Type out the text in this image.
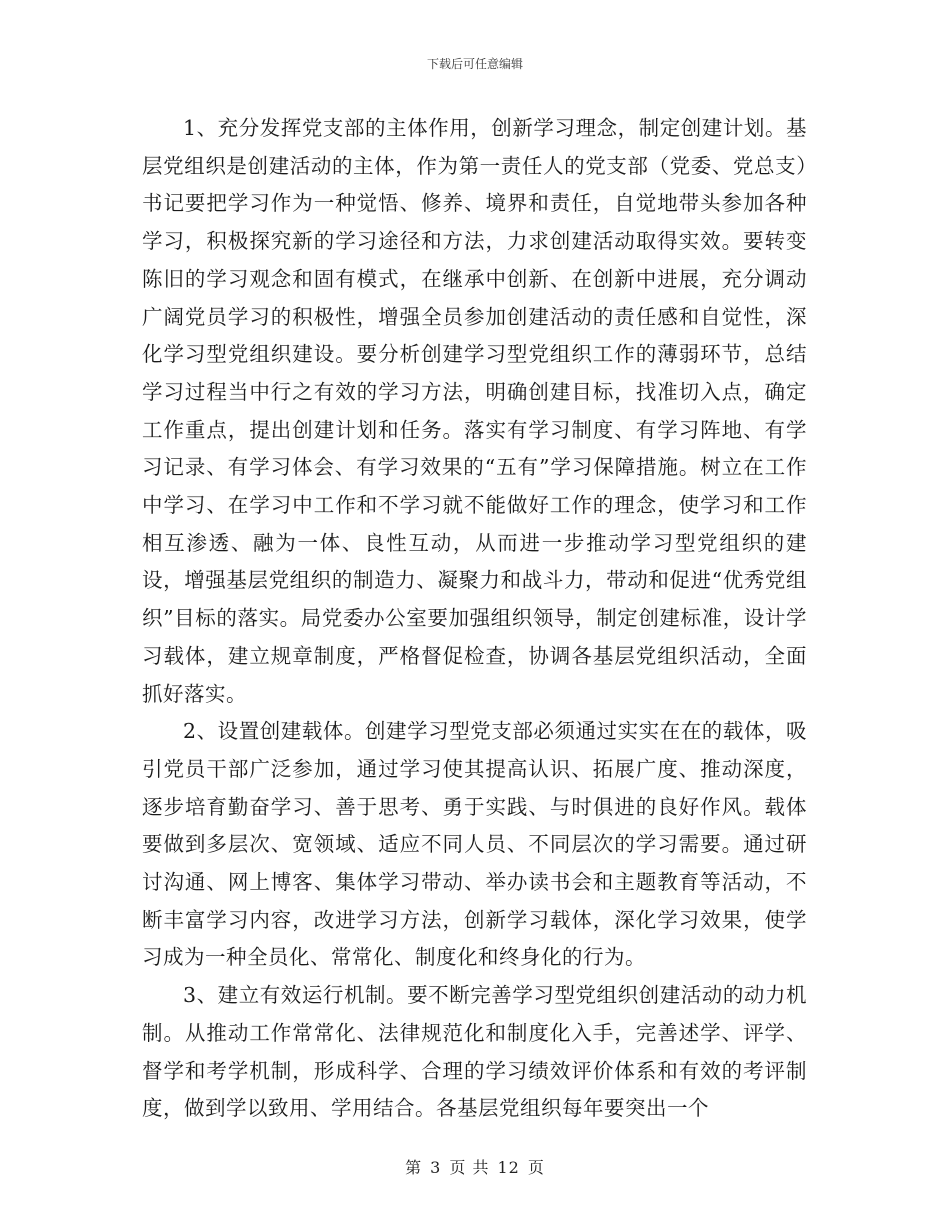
下载后可任意编辑

1、充分发挥党支部的主体作用，创新学习理念，制定创建计划。基层党组织是创建活动的主体，作为第一责任人的党支部（党委、党总支）书记要把学习作为一种觉悟、修养、境界和责任，自觉地带头参加各种学习，积极探究新的学习途径和方法，力求创建活动取得实效。要转变陈旧的学习观念和固有模式，在继承中创新、在创新中进展，充分调动广阔党员学习的积极性，增强全员参加创建活动的责任感和自觉性，深化学习型党组织建设。要分析创建学习型党组织工作的薄弱环节，总结学习过程当中行之有效的学习方法，明确创建目标，找准切入点，确定工作重点，提出创建计划和任务。落实有学习制度、有学习阵地、有学习记录、有学习体会、有学习效果的“五有”学习保障措施。树立在工作中学习、在学习中工作和不学习就不能做好工作的理念，使学习和工作相互渗透、融为一体、良性互动，从而进一步推动学习型党组织的建设，增强基层党组织的制造力、凝聚力和战斗力，带动和促进“优秀党组织”目标的落实。局党委办公室要加强组织领导，制定创建标准，设计学习载体，建立规章制度，严格督促检查，协调各基层党组织活动，全面抓好落实。

2、设置创建载体。创建学习型党支部必须通过实实在在的载体，吸引党员干部广泛参加，通过学习使其提高认识、拓展广度、推动深度，逐步培育勤奋学习、善于思考、勇于实践、与时俱进的良好作风。载体要做到多层次、宽领域、适应不同人员、不同层次的学习需要。通过研讨沟通、网上博客、集体学习带动、举办读书会和主题教育等活动，不断丰富学习内容，改进学习方法，创新学习载体，深化学习效果，使学习成为一种全员化、常常化、制度化和终身化的行为。

3、建立有效运行机制。要不断完善学习型党组织创建活动的动力机制。从推动工作常常化、法律规范化和制度化入手，完善述学、评学、督学和考学机制，形成科学、合理的学习绩效评价体系和有效的考评制度，做到学以致用、学用结合。各基层党组织每年要突出一个

第 3 页 共 12 页
